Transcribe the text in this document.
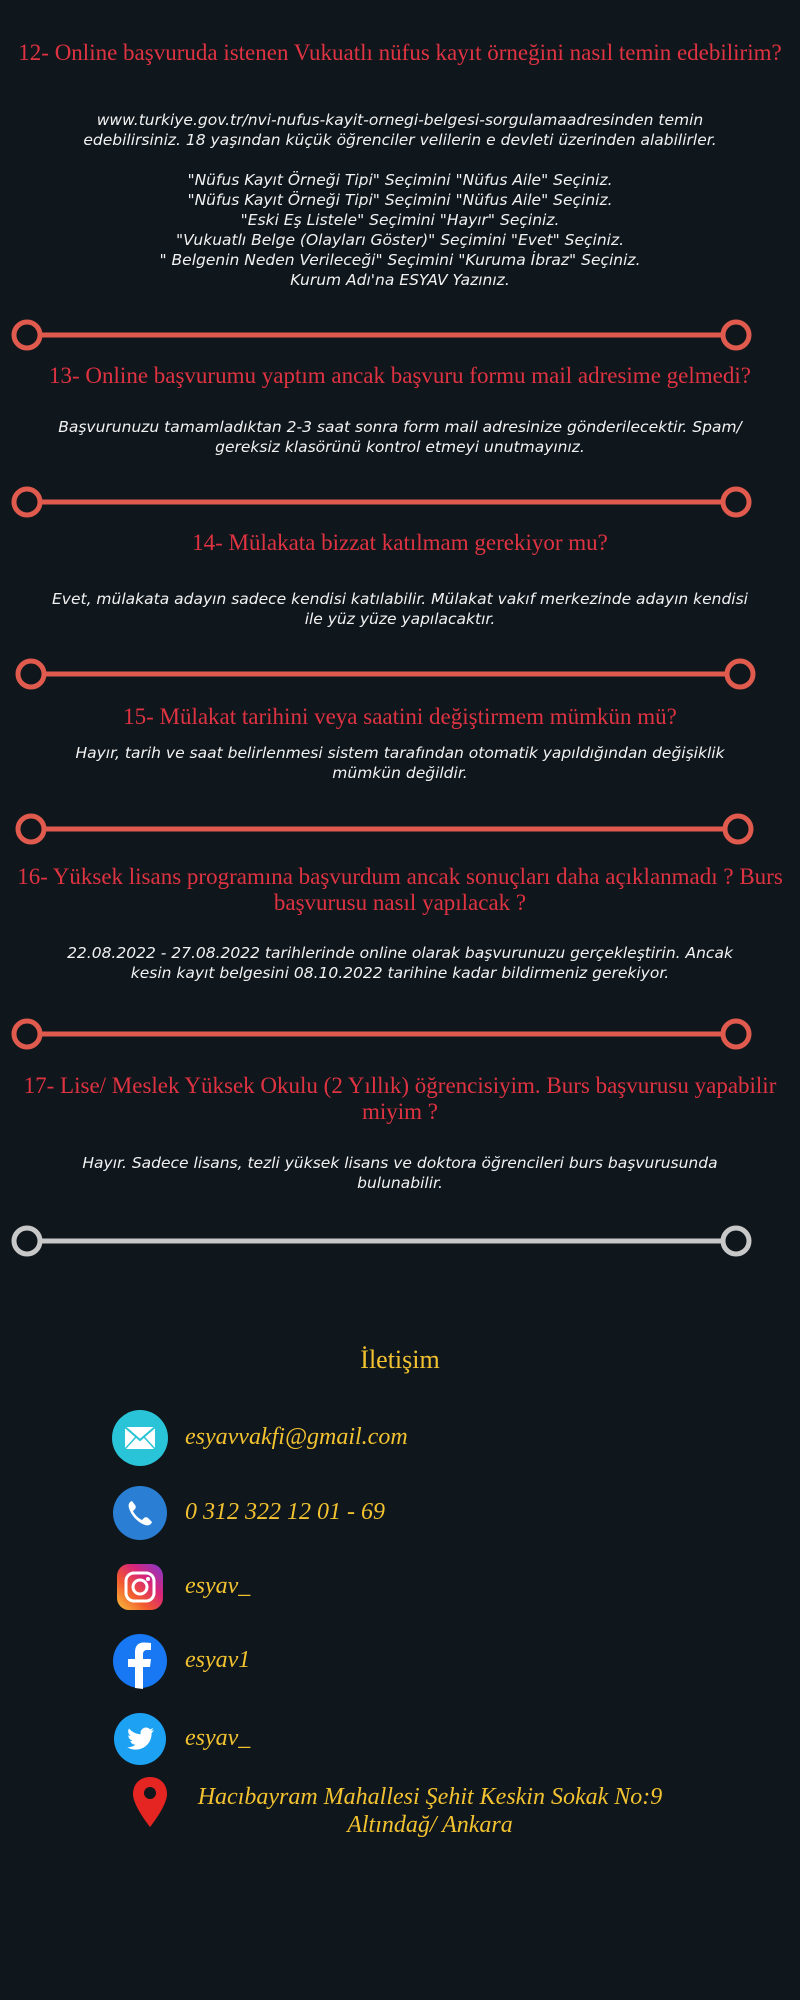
12- Online başvuruda istenen Vukuatlı nüfus kayıt örneğini nasıl temin edebilirim?

www.turkiye.gov.tr/nvi-nufus-kayit-ornegi-belgesi-sorgulamaadresinden temin edebilirsiniz. 18 yaşından küçük öğrenciler velilerin e devleti üzerinden alabilirler.

"Nüfus Kayıt Örneği Tipi" Seçimini "Nüfus Aile" Seçiniz.

"Nüfus Kayıt Örneği Tipi" Seçimini "Nüfus Aile" Seçiniz.

"Eski Eş Listele" Seçimini "Hayır" Seçiniz.

"Vukuatlı Belge (Olayları Göster)" Seçimini "Evet" Seçiniz.

" Belgenin Neden Verileceği" Seçimini "Kuruma İbraz" Seçiniz.

Kurum Adı'na ESYAV Yazınız.

13- Online başvurumu yaptım ancak başvuru formu mail adresime gelmedi?

Başvurunuzu tamamladıktan 2-3 saat sonra form mail adresinize gönderilecektir. Spam/ gereksiz klasörünü kontrol etmeyi unutmayınız.

14- Mülakata bizzat katılmam gerekiyor mu?

Evet, mülakata adayın sadece kendisi katılabilir. Mülakat vakıf merkezinde adayın kendisi ile yüz yüze yapılacaktır.

15- Mülakat tarihini veya saatini değiştirmem mümkün mü?

Hayır, tarih ve saat belirlenmesi sistem tarafından otomatik yapıldığından değişiklik mümkün değildir.

16- Yüksek lisans programına başvurdum ancak sonuçları daha açıklanmadı ? Burs başvurusu nasıl yapılacak ?

22.08.2022 - 27.08.2022 tarihlerinde online olarak başvurunuzu gerçekleştirin. Ancak kesin kayıt belgesini 08.10.2022 tarihine kadar bildirmeniz gerekiyor.

17- Lise/ Meslek Yüksek Okulu (2 Yıllık) öğrencisiyim. Burs başvurusu yapabilir miyim ?

Hayır. Sadece lisans, tezli yüksek lisans ve doktora öğrencileri burs başvurusunda bulunabilir.

İletişim
esyavvakfi@gmail.com
0 312 322 12 01 - 69
esyav_
esyav1
esyav_
Hacıbayram Mahallesi Şehit Keskin Sokak No:9 Altındağ/ Ankara
